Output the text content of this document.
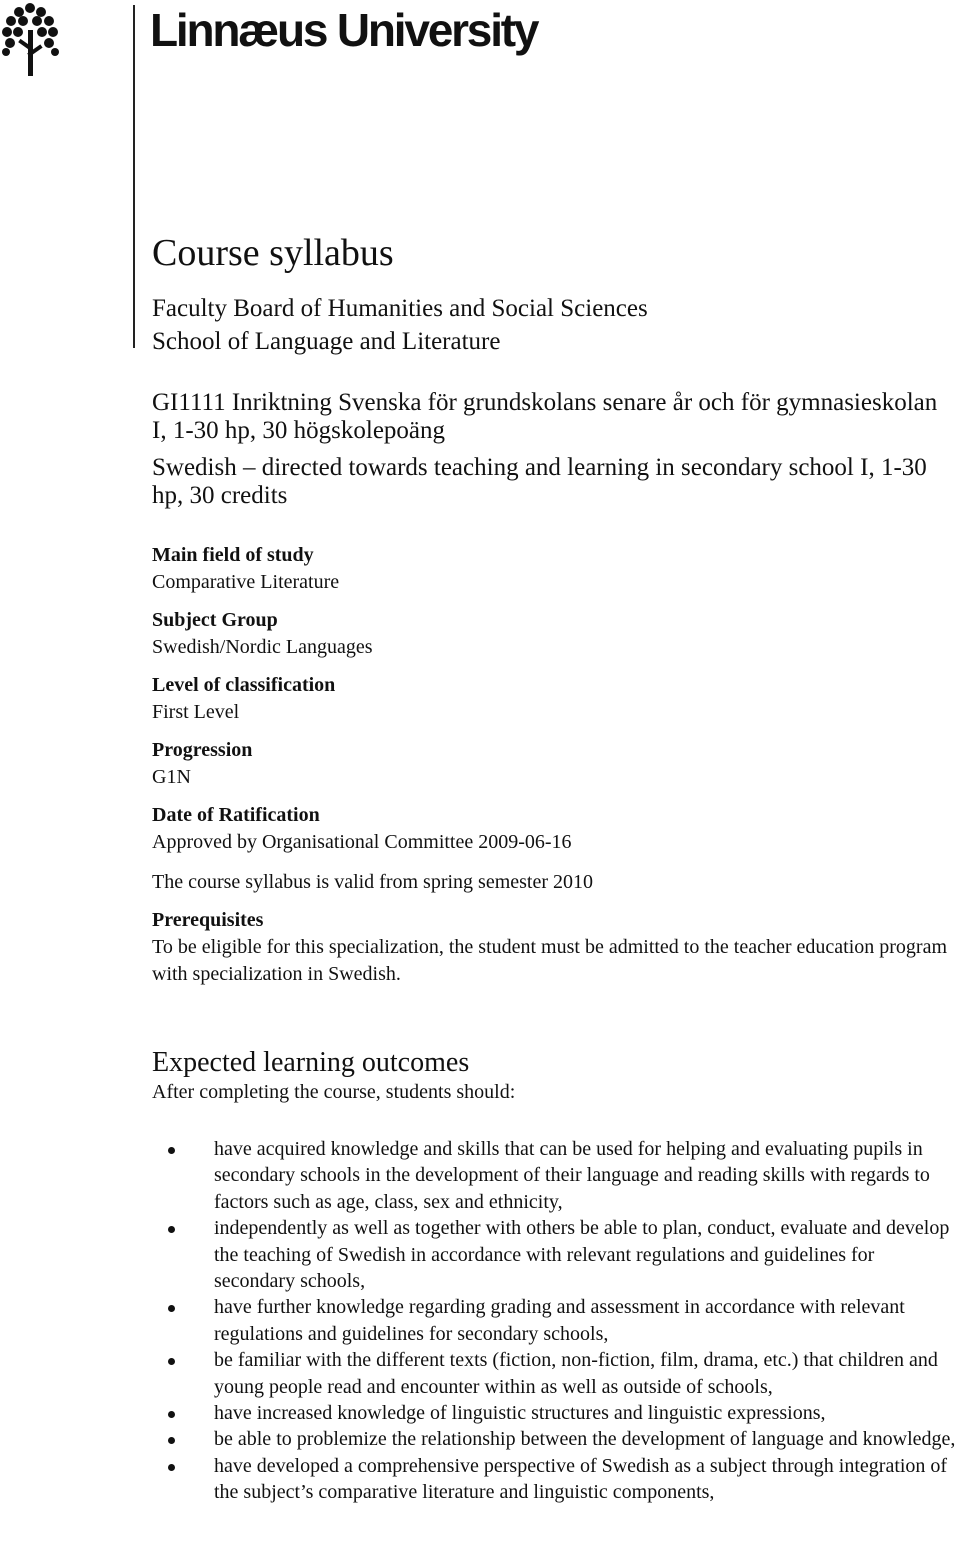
Linnæus University
Course syllabus
Faculty Board of Humanities and Social Sciences
School of Language and Literature
GI1111 Inriktning Svenska för grundskolans senare år och för gymnasieskolan I, 1-30 hp, 30 högskolepoäng
Swedish – directed towards teaching and learning in secondary school I, 1-30 hp, 30 credits
Main field of study
Comparative Literature
Subject Group
Swedish/Nordic Languages
Level of classification
First Level
Progression
G1N
Date of Ratification
Approved by Organisational Committee 2009-06-16
The course syllabus is valid from spring semester 2010
Prerequisites
To be eligible for this specialization, the student must be admitted to the teacher education program with specialization in Swedish.
Expected learning outcomes
After completing the course, students should:
have acquired knowledge and skills that can be used for helping and evaluating pupils in secondary schools in the development of their language and reading skills with regards to factors such as age, class, sex and ethnicity,
independently as well as together with others be able to plan, conduct, evaluate and develop the teaching of Swedish in accordance with relevant regulations and guidelines for secondary schools,
have further knowledge regarding grading and assessment in accordance with relevant regulations and guidelines for secondary schools,
be familiar with the different texts (fiction, non-fiction, film, drama, etc.) that children and young people read and encounter within as well as outside of schools,
have increased knowledge of linguistic structures and linguistic expressions,
be able to problemize the relationship between the development of language and knowledge,
have developed a comprehensive perspective of Swedish as a subject through integration of the subject’s comparative literature and linguistic components,
